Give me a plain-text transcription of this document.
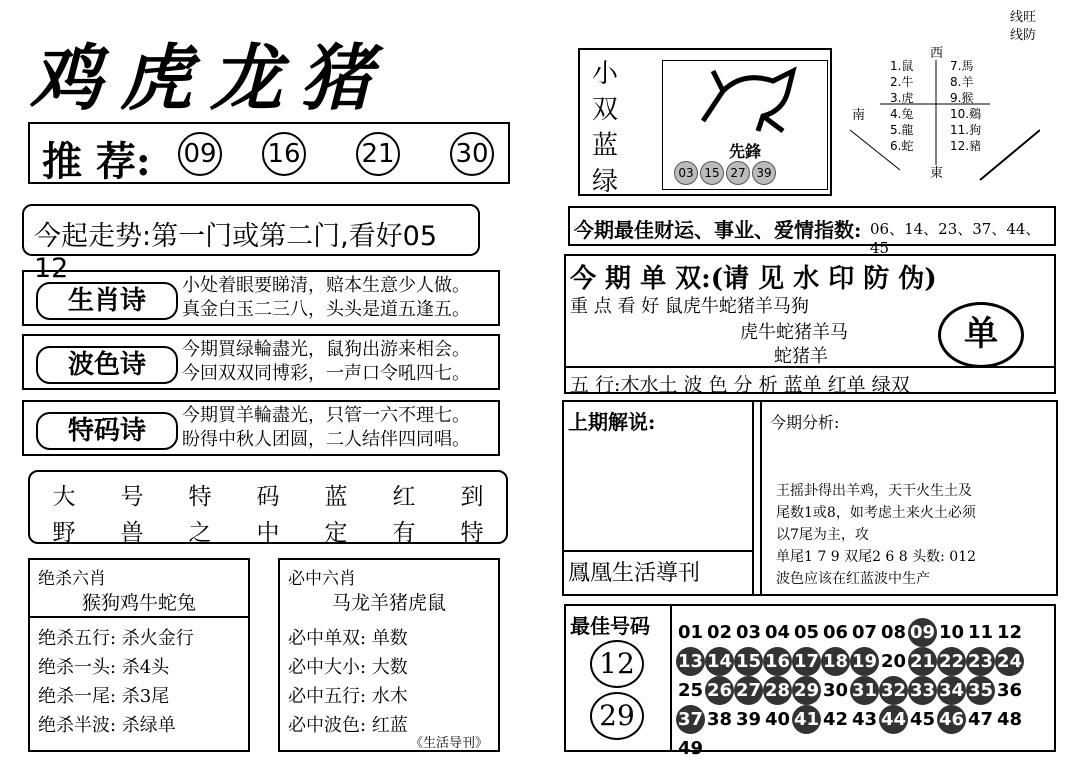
鸡虎龙猪
线旺
线防
推 荐: 09 16 21 30
今起走势:第一门或第二门,看好05 12
生肖诗
小处着眼要睇清，赔本生意少人做。
真金白玉二三八，头头是道五逢五。
波色诗
今期買绿輪盡光，鼠狗出游来相会。
今回双双同博彩，一声口令吼四七。
特码诗
今期買羊輪盡光，只管一六不理七。
盼得中秋人团圆，二人结伴四同唱。
大 号 特 码 蓝 红 到
野 兽 之 中 定 有 特
绝杀六肖
猴狗鸡牛蛇兔
绝杀五行: 杀火金行
绝杀一头: 杀4头
绝杀一尾: 杀3尾
绝杀半波: 杀绿单
必中六肖
马龙羊猪虎鼠
必中单双: 单数
必中大小: 大数
必中五行: 水木
必中波色: 红蓝
《生活导刊》
小
双
蓝
绿
先鋒
03 15 27 39
西
南
東
1.鼠
2.牛
3.虎
4.兔
5.龍
6.蛇
7.馬
8.羊
9.猴
10.鷄
11.狗
12.豬
今期最佳财运、事业、爱情指数: 06、14、23、37、44、45
今 期 单 双:(请 见 水 印 防 伪)
重 点 看 好 鼠虎牛蛇猪羊马狗
虎牛蛇猪羊马
蛇猪羊
单
五 行:木水土 波 色 分 析 蓝单 红单 绿双
上期解说:	今期分析:
鳳凰生活導刊
王摇卦得出羊鸡，天干火生土及
尾数1或8，如考虑土来火土必须
以7尾为主，攻
单尾1 7 9 双尾2 6 8 头数: 012
波色应该在红蓝波中生产
最佳号码
12
29
01 02 03 04 05 06 07 08 09 10 11 12
13 14 15 16 17 18 19 20 21 22 23 24
25 26 27 28 29 30 31 32 33 34 35 36
37 38 39 40 41 42 43 44 45 46 47 48
49
